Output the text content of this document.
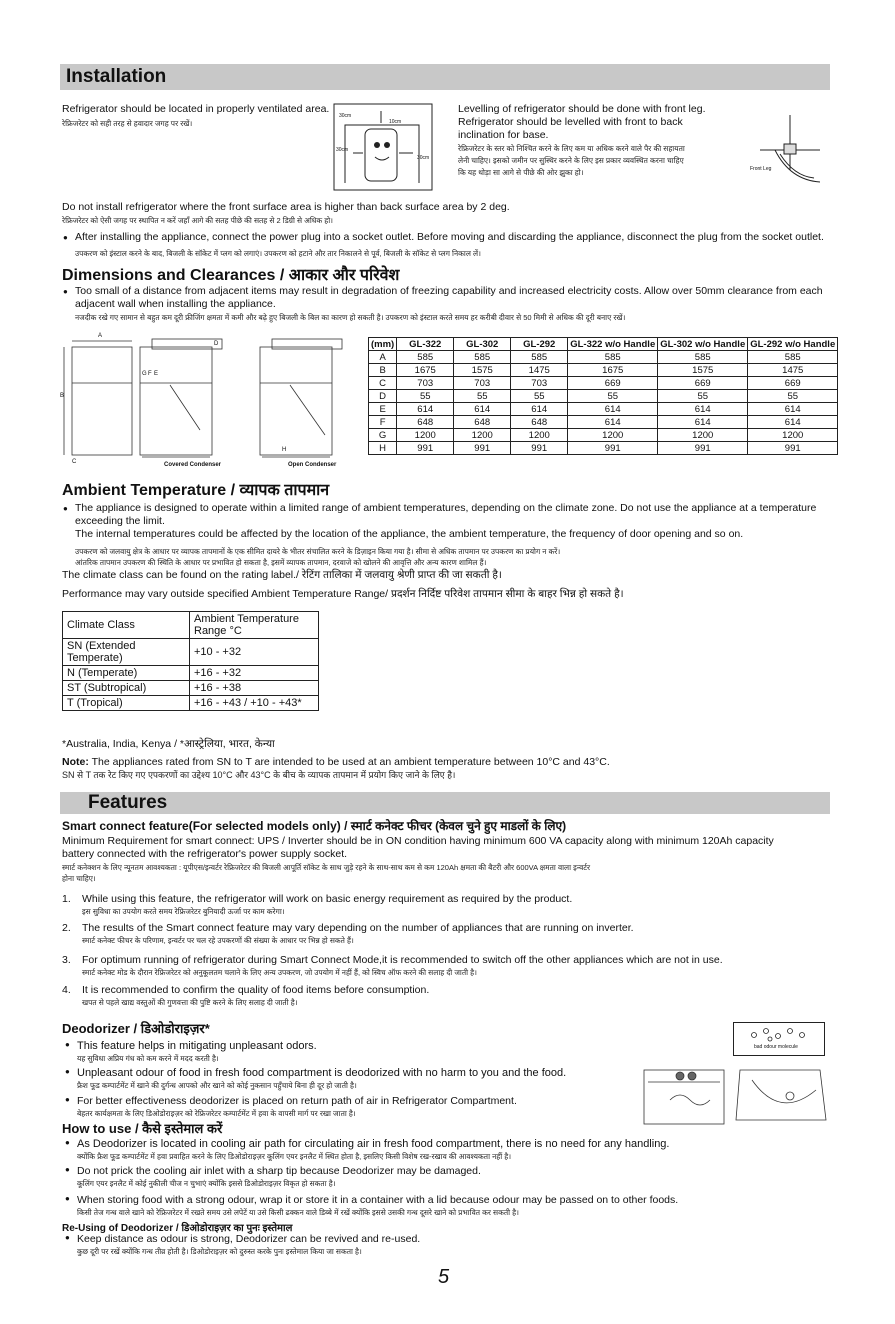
Installation
Refrigerator should be located in properly ventilated area.
रेफ्रिजरेटर को सही तरह से हवादार जगह पर रखें।
30cm
10cm
30cm
30cm
Levelling of refrigerator should be done with front leg.
Refrigerator should be levelled with front to back
inclination for base.
रेफ्रिजरेटर के स्तर को निश्चित करने के लिए कम या अधिक करने वाले पैर की सहायता
लेनी चाहिए। इसको जमीन पर सुस्थिर करने के लिए इस प्रकार व्यवस्थित करना चाहिए
कि यह थोड़ा सा आगे से पीछे की ओर झुका हो।	Front Leg
Do not install refrigerator where the front surface area is higher than back surface area by 2 deg.
रेफ्रिजरेटर को ऐसी जगह पर स्थापित न करें जहाँ आगे की सतह पीछे की सतह से 2 डिग्री से अधिक हो।
● After installing the appliance, connect the power plug into a socket outlet. Before moving and discarding the appliance, disconnect the plug from the socket outlet.
उपकरण को इंस्टाल करने के बाद, बिजली के सॉकेट में प्लग को लगाएं। उपकरण को हटाने और तार निकालने से पूर्व, बिजली के सॉकेट से प्लग निकाल लें।
Dimensions and Clearances / आकार और परिवेश
● Too small of a distance from adjacent items may result in degradation of freezing capability and increased electricity costs. Allow over 50mm clearance from each
adjacent wall when installing the appliance.
नजदीक रखे गए सामान से बहुत कम दूरी फ्रीजिंग क्षमता में कमी और बढ़े हुए बिजली के बिल का कारण हो सकती है। उपकरण को इंस्टाल करते समय हर करीबी दीवार से 50 मिमी से अधिक की दूरी बनाए रखें।
A
B
C
D
E
F
G
H
Covered Condenser	Open Condenser
(mm)	GL-322	GL-302	GL-292	GL-322 w/o Handle	GL-302 w/o Handle	GL-292 w/o Handle
A	585	585	585	585	585	585
B	1675	1575	1475	1675	1575	1475
C	703	703	703	669	669	669
D	55	55	55	55	55	55
E	614	614	614	614	614	614
F	648	648	648	614	614	614
G	1200	1200	1200	1200	1200	1200
H	991	991	991	991	991	991
Ambient Temperature / व्यापक तापमान
● The appliance is designed to operate within a limited range of ambient temperatures, depending on the climate zone. Do not use the appliance at a temperature
exceeding the limit.
The internal temperatures could be affected by the location of the appliance, the ambient temperature, the frequency of door opening and so on.
उपकरण को जलवायु क्षेत्र के आधार पर व्यापक तापमानों के एक सीमित दायरे के भीतर संचालित करने के डिज़ाइन किया गया है। सीमा से अधिक तापमान पर उपकरण का प्रयोग न करें।
आंतरिक तापमान उपकरण की स्थिति के आधार पर प्रभावित हो सकता है, इसमें व्यापक तापमान, दरवाजे को खोलने की आवृत्ति और अन्य कारण शामिल हैं।
The climate class can be found on the rating label./ रेटिंग तालिका में जलवायु श्रेणी प्राप्त की जा सकती है।
Performance may vary outside specified Ambient Temperature Range/ प्रदर्शन निर्दिष्ट परिवेश तापमान सीमा के बाहर भिन्न हो सकते है।
Climate Class	Ambient Temperature Range °C
SN (Extended Temperate)	+10 - +32
N (Temperate)	+16 - +32
ST (Subtropical)	+16 - +38
T (Tropical)	+16 - +43 / +10 - +43*
*Australia, India, Kenya / *आस्ट्रेलिया, भारत, केन्या
Note: The appliances rated from SN to T are intended to be used at an ambient temperature between 10°C and 43°C.
SN से T तक रेट किए गए एपकरणों का उद्देश्य 10°C और 43°C के बीच के व्यापक तापमान में प्रयोग किए जाने के लिए है।
Features
Smart connect feature(For selected models only) / स्मार्ट कनेक्ट फीचर (केवल चुने हुए माडलों के लिए)
Minimum Requirement for smart connect: UPS / Inverter should be in ON condition having minimum 600 VA capacity along with minimum 120Ah capacity
battery connected with the refrigerator's power supply socket.
स्मार्ट कनेक्शन के लिए न्यूनतम आवश्यकता : यूपीएस/इन्वर्टर रेफ्रिजरेटर की बिजली आपूर्ति सॉकेट के साथ जुड़े रहने के साथ-साथ कम से कम 120Ah क्षमता की बैटरी और 600VA क्षमता वाला इन्वर्टर
होना चाहिए।
1. While using this feature, the refrigerator will work on basic energy requirement as required by the product.
इस सुविधा का उपयोग करते समय रेफ्रिजरेटर बुनियादी ऊर्जा पर काम करेगा।
2. The results of the Smart connect feature may vary depending on the number of appliances that are running on inverter.
स्मार्ट कनेक्ट फीचर के परिणाम, इन्वर्टर पर चल रहे उपकरणों की संख्या के आधार पर भिन्न हो सकते हैं।
3. For optimum running of refrigerator during Smart Connect Mode,it is recommended to switch off the other appliances which are not in use.
स्मार्ट कनेक्ट मोड के दौरान रेफ्रिजरेटर को अनुकूलतम चलाने के लिए अन्य उपकरण, जो उपयोग में नहीं हैं, को स्विच ऑफ करने की सलाह दी जाती है।
4. It is recommended to confirm the quality of food items before consumption.
खपत से पहले खाद्य वस्तुओं की गुणवत्ता की पुष्टि करने के लिए सलाह दी जाती है।
Deodorizer / डिओडोराइज़र*
bad odour molecule
● This feature helps in mitigating unpleasant odors.
यह सुविधा अप्रिय गंध को कम करने में मदद करती है।
● Unpleasant odour of food in fresh food compartment is deodorized with no harm to you and the food.
फ्रैश फूड कम्पार्टमेंट में खाने की दुर्गन्ध आपको और खाने को कोई नुकसान पहुँचाये बिना ही दूर हो जाती है।
● For better effectiveness deodorizer is placed on return path of air in Refrigerator Compartment.
बेहतर कार्यक्षमता के लिए डिओडोराइज़र को रेफ्रिजरेटर कम्पार्टमेंट में हवा के वापसी मार्ग पर रखा जाता है।
How to use / कैसे इस्तेमाल करें
● As Deodorizer is located in cooling air path for circulating air in fresh food compartment, there is no need for any handling.
क्योंकि फ्रैश फूड कम्पार्टमेंट में हवा प्रवाहित करने के लिए डिओडोराइज़र कूलिंग एयर इनलैट में स्थित होता है, इसलिए किसी विशेष रख-रखाव की आवश्यकता नहीं है।
● Do not prick the cooling air inlet with a sharp tip because Deodorizer may be damaged.
कूलिंग एयर इनलैट में कोई नुकीली चीज न चुभाएं क्योंकि इससे डिओडोराइज़र विकृत हो सकता है।
● When storing food with a strong odour, wrap it or store it in a container with a lid because odour may be passed on to other foods.
किसी तेज गन्ध वाले खाने को रेफ्रिजरेटर में रखते समय उसे लपेटें या उसे किसी ढक्कन वाले डिब्बे में रखें क्योंकि इससे उसकी गन्ध दूसरे खाने को प्रभावित कर सकती है।
Re-Using of Deodorizer / डिओडोराइज़र का पुनः इस्तेमाल
● Keep distance as odour is strong, Deodorizer can be revived and re-used.
कुछ दूरी पर रखें क्योंकि गन्ध तीव्र होती है। डिओडोराइज़र को दुरुस्त करके पुनः इस्तेमाल किया जा सकता है।
5
